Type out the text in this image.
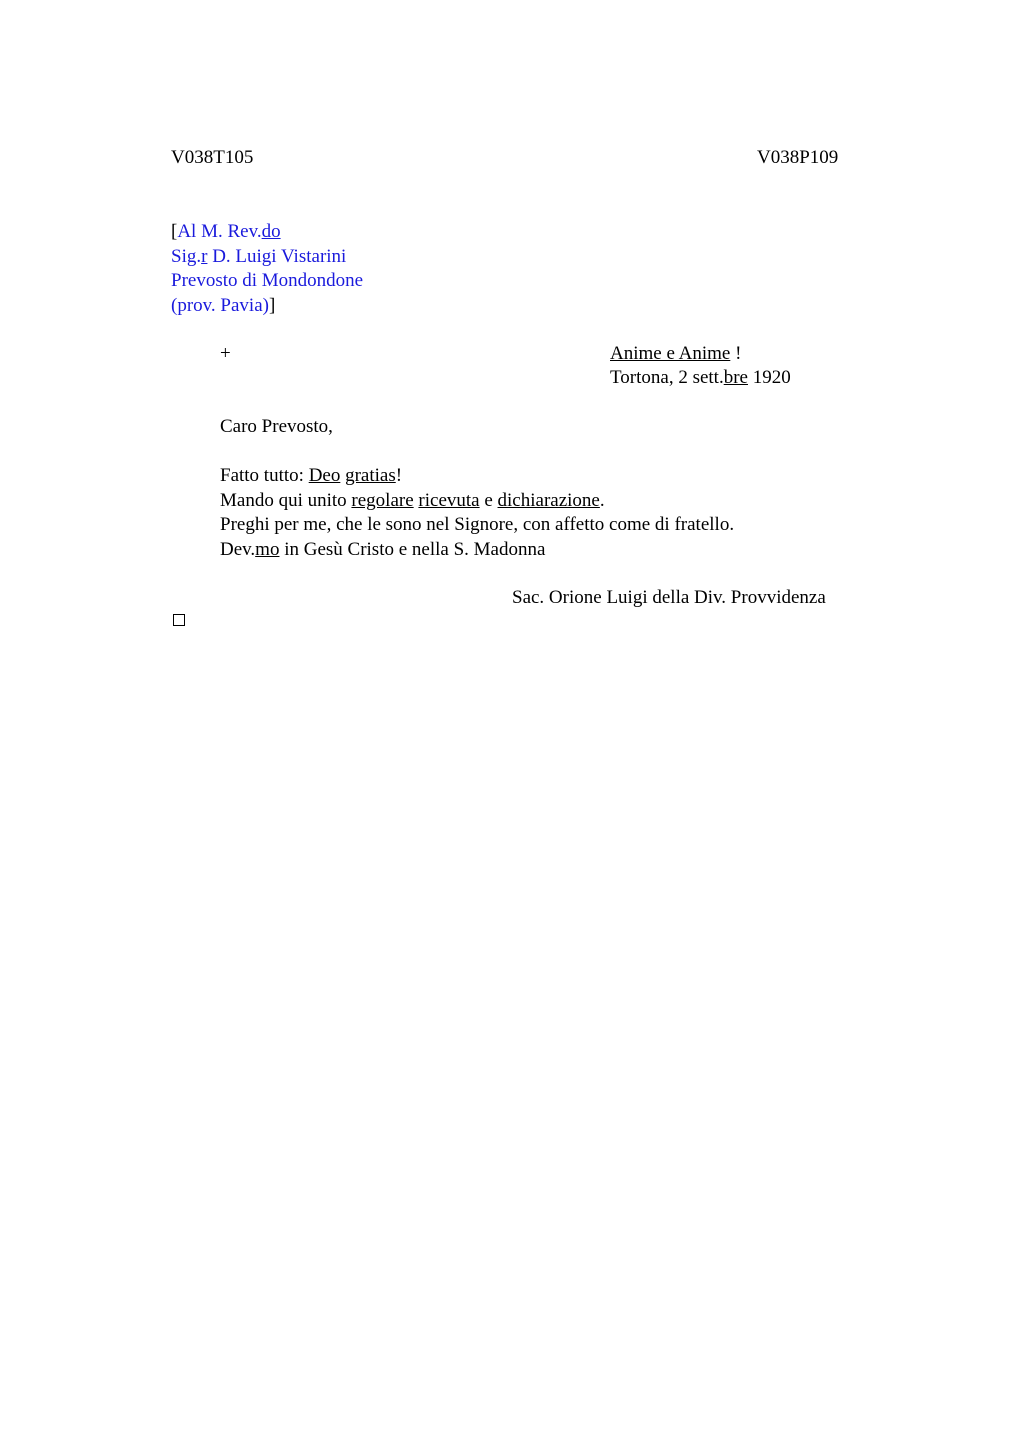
V038T105	V038P109
[Al M. Rev.do
Sig.r D. Luigi Vistarini
Prevosto di Mondondone
(prov. Pavia)]
+	Anime e Anime !
Tortona, 2 sett.bre 1920
Caro Prevosto,
Fatto tutto: Deo gratias!
Mando qui unito regolare ricevuta e dichiarazione.
Preghi per me, che le sono nel Signore, con affetto come di fratello.
Dev.mo in Gesù Cristo e nella S. Madonna
Sac. Orione Luigi della Div. Provvidenza
